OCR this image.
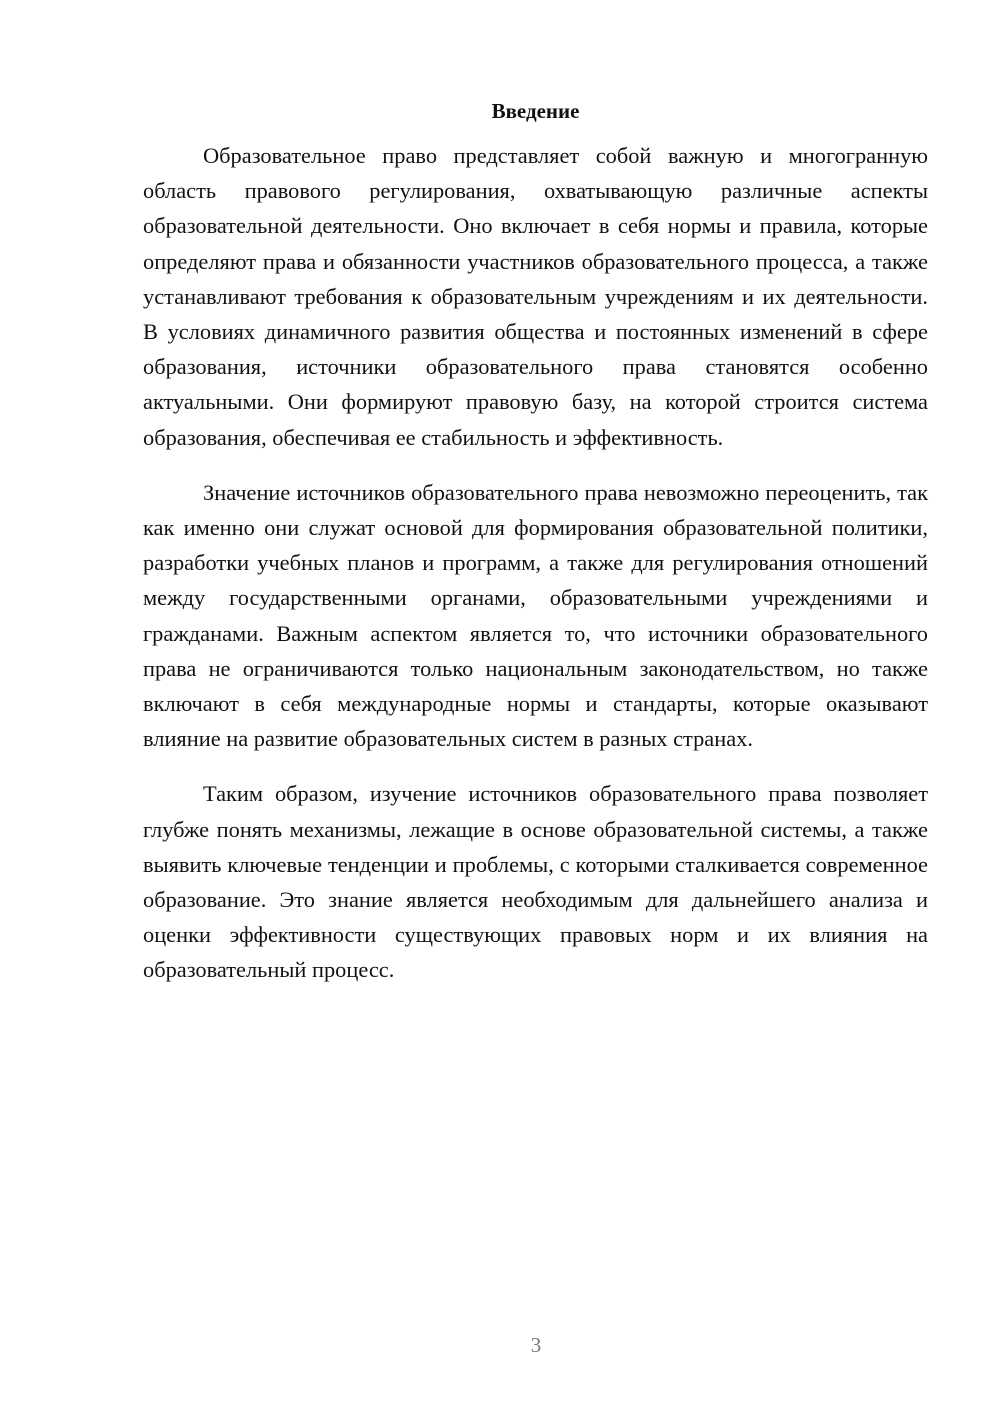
Введение

Образовательное право представляет собой важную и многогранную область правового регулирования, охватывающую различные аспекты образовательной деятельности. Оно включает в себя нормы и правила, которые определяют права и обязанности участников образовательного процесса, а также устанавливают требования к образовательным учреждениям и их деятельности. В условиях динамичного развития общества и постоянных изменений в сфере образования, источники образовательного права становятся особенно актуальными. Они формируют правовую базу, на которой строится система образования, обеспечивая ее стабильность и эффективность.

Значение источников образовательного права невозможно переоценить, так как именно они служат основой для формирования образовательной политики, разработки учебных планов и программ, а также для регулирования отношений между государственными органами, образовательными учреждениями и гражданами. Важным аспектом является то, что источники образовательного права не ограничиваются только национальным законодательством, но также включают в себя международные нормы и стандарты, которые оказывают влияние на развитие образовательных систем в разных странах.

Таким образом, изучение источников образовательного права позволяет глубже понять механизмы, лежащие в основе образовательной системы, а также выявить ключевые тенденции и проблемы, с которыми сталкивается современное образование. Это знание является необходимым для дальнейшего анализа и оценки эффективности существующих правовых норм и их влияния на образовательный процесс.

3
